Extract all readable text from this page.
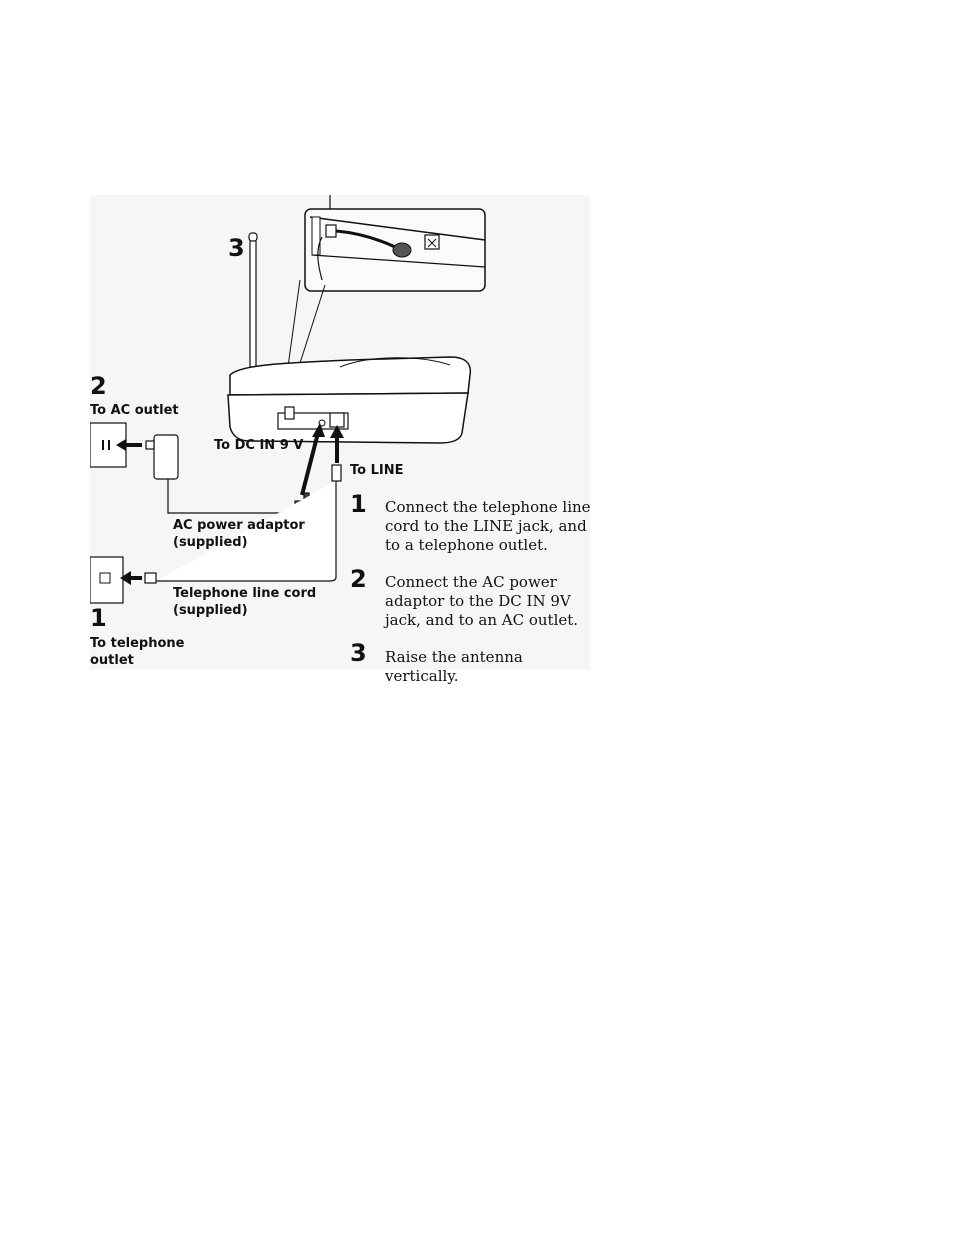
3
2
To AC outlet
To DC IN 9 V
To LINE
AC power adaptor
(supplied)
Telephone line cord
(supplied)
1
To telephone
outlet
1 Connect the telephone line cord to the LINE jack, and to a telephone outlet.
2 Connect the AC power adaptor to the DC IN 9V jack, and to an AC outlet.
3 Raise the antenna vertically.
